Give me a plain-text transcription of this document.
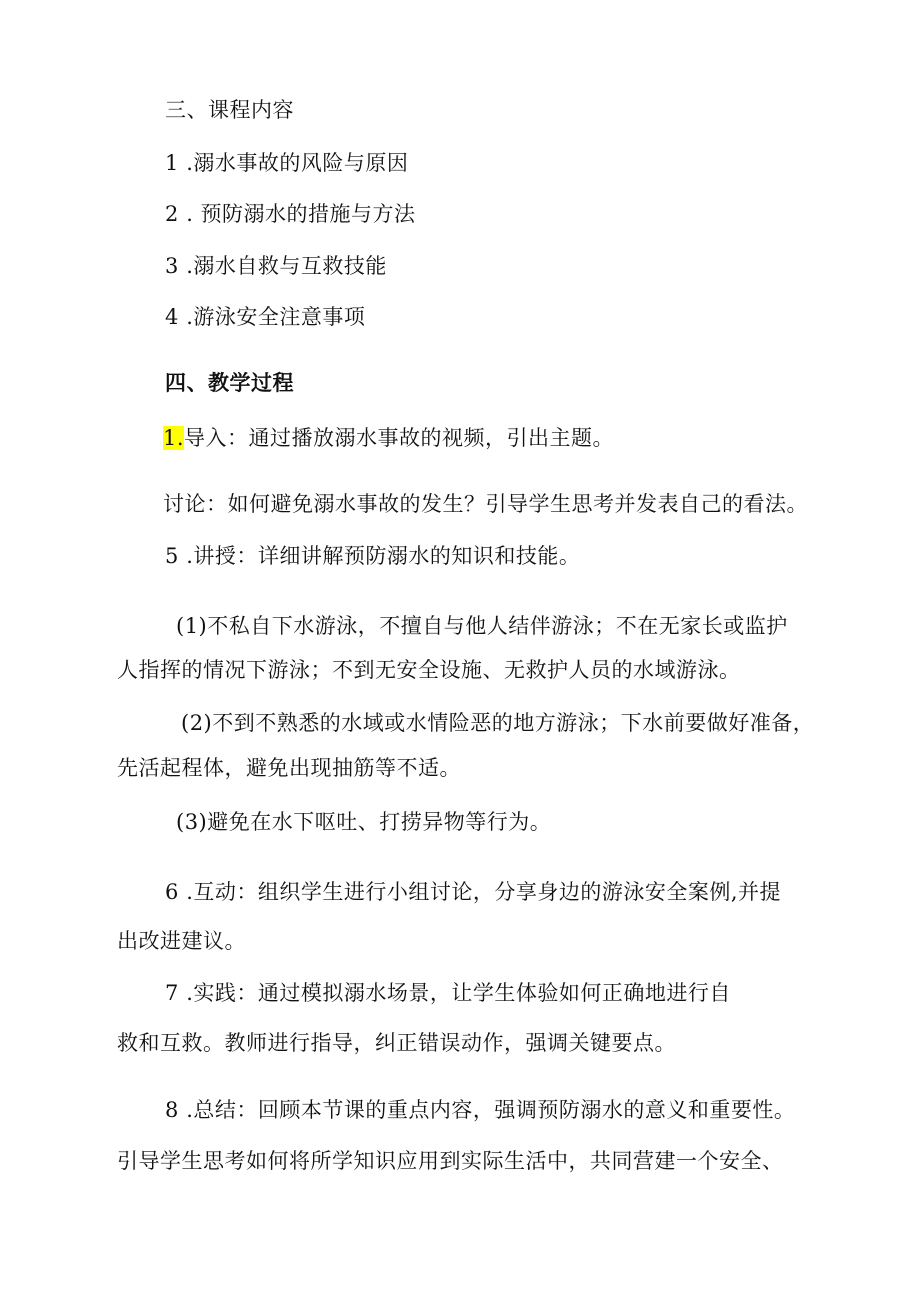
三、课程内容
1 .溺水事故的风险与原因
2 . 预防溺水的措施与方法
3 .溺水自救与互救技能
4 .游泳安全注意事项
四、教学过程
1.导入：通过播放溺水事故的视频，引出主题。
讨论：如何避免溺水事故的发生？引导学生思考并发表自己的看法。
5 .讲授：详细讲解预防溺水的知识和技能。
(1)不私自下水游泳，不擅自与他人结伴游泳；不在无家长或监护
人指挥的情况下游泳；不到无安全设施、无救护人员的水域游泳。
(2)不到不熟悉的水域或水情险恶的地方游泳；下水前要做好准备，
先活起程体，避免出现抽筋等不适。
(3)避免在水下呕吐、打捞异物等行为。
6 .互动：组织学生进行小组讨论，分享身边的游泳安全案例,并提
出改进建议。
7 .实践：通过模拟溺水场景，让学生体验如何正确地进行自
救和互救。教师进行指导，纠正错误动作，强调关键要点。
8 .总结：回顾本节课的重点内容，强调预防溺水的意义和重要性。
引导学生思考如何将所学知识应用到实际生活中，共同营建一个安全、
